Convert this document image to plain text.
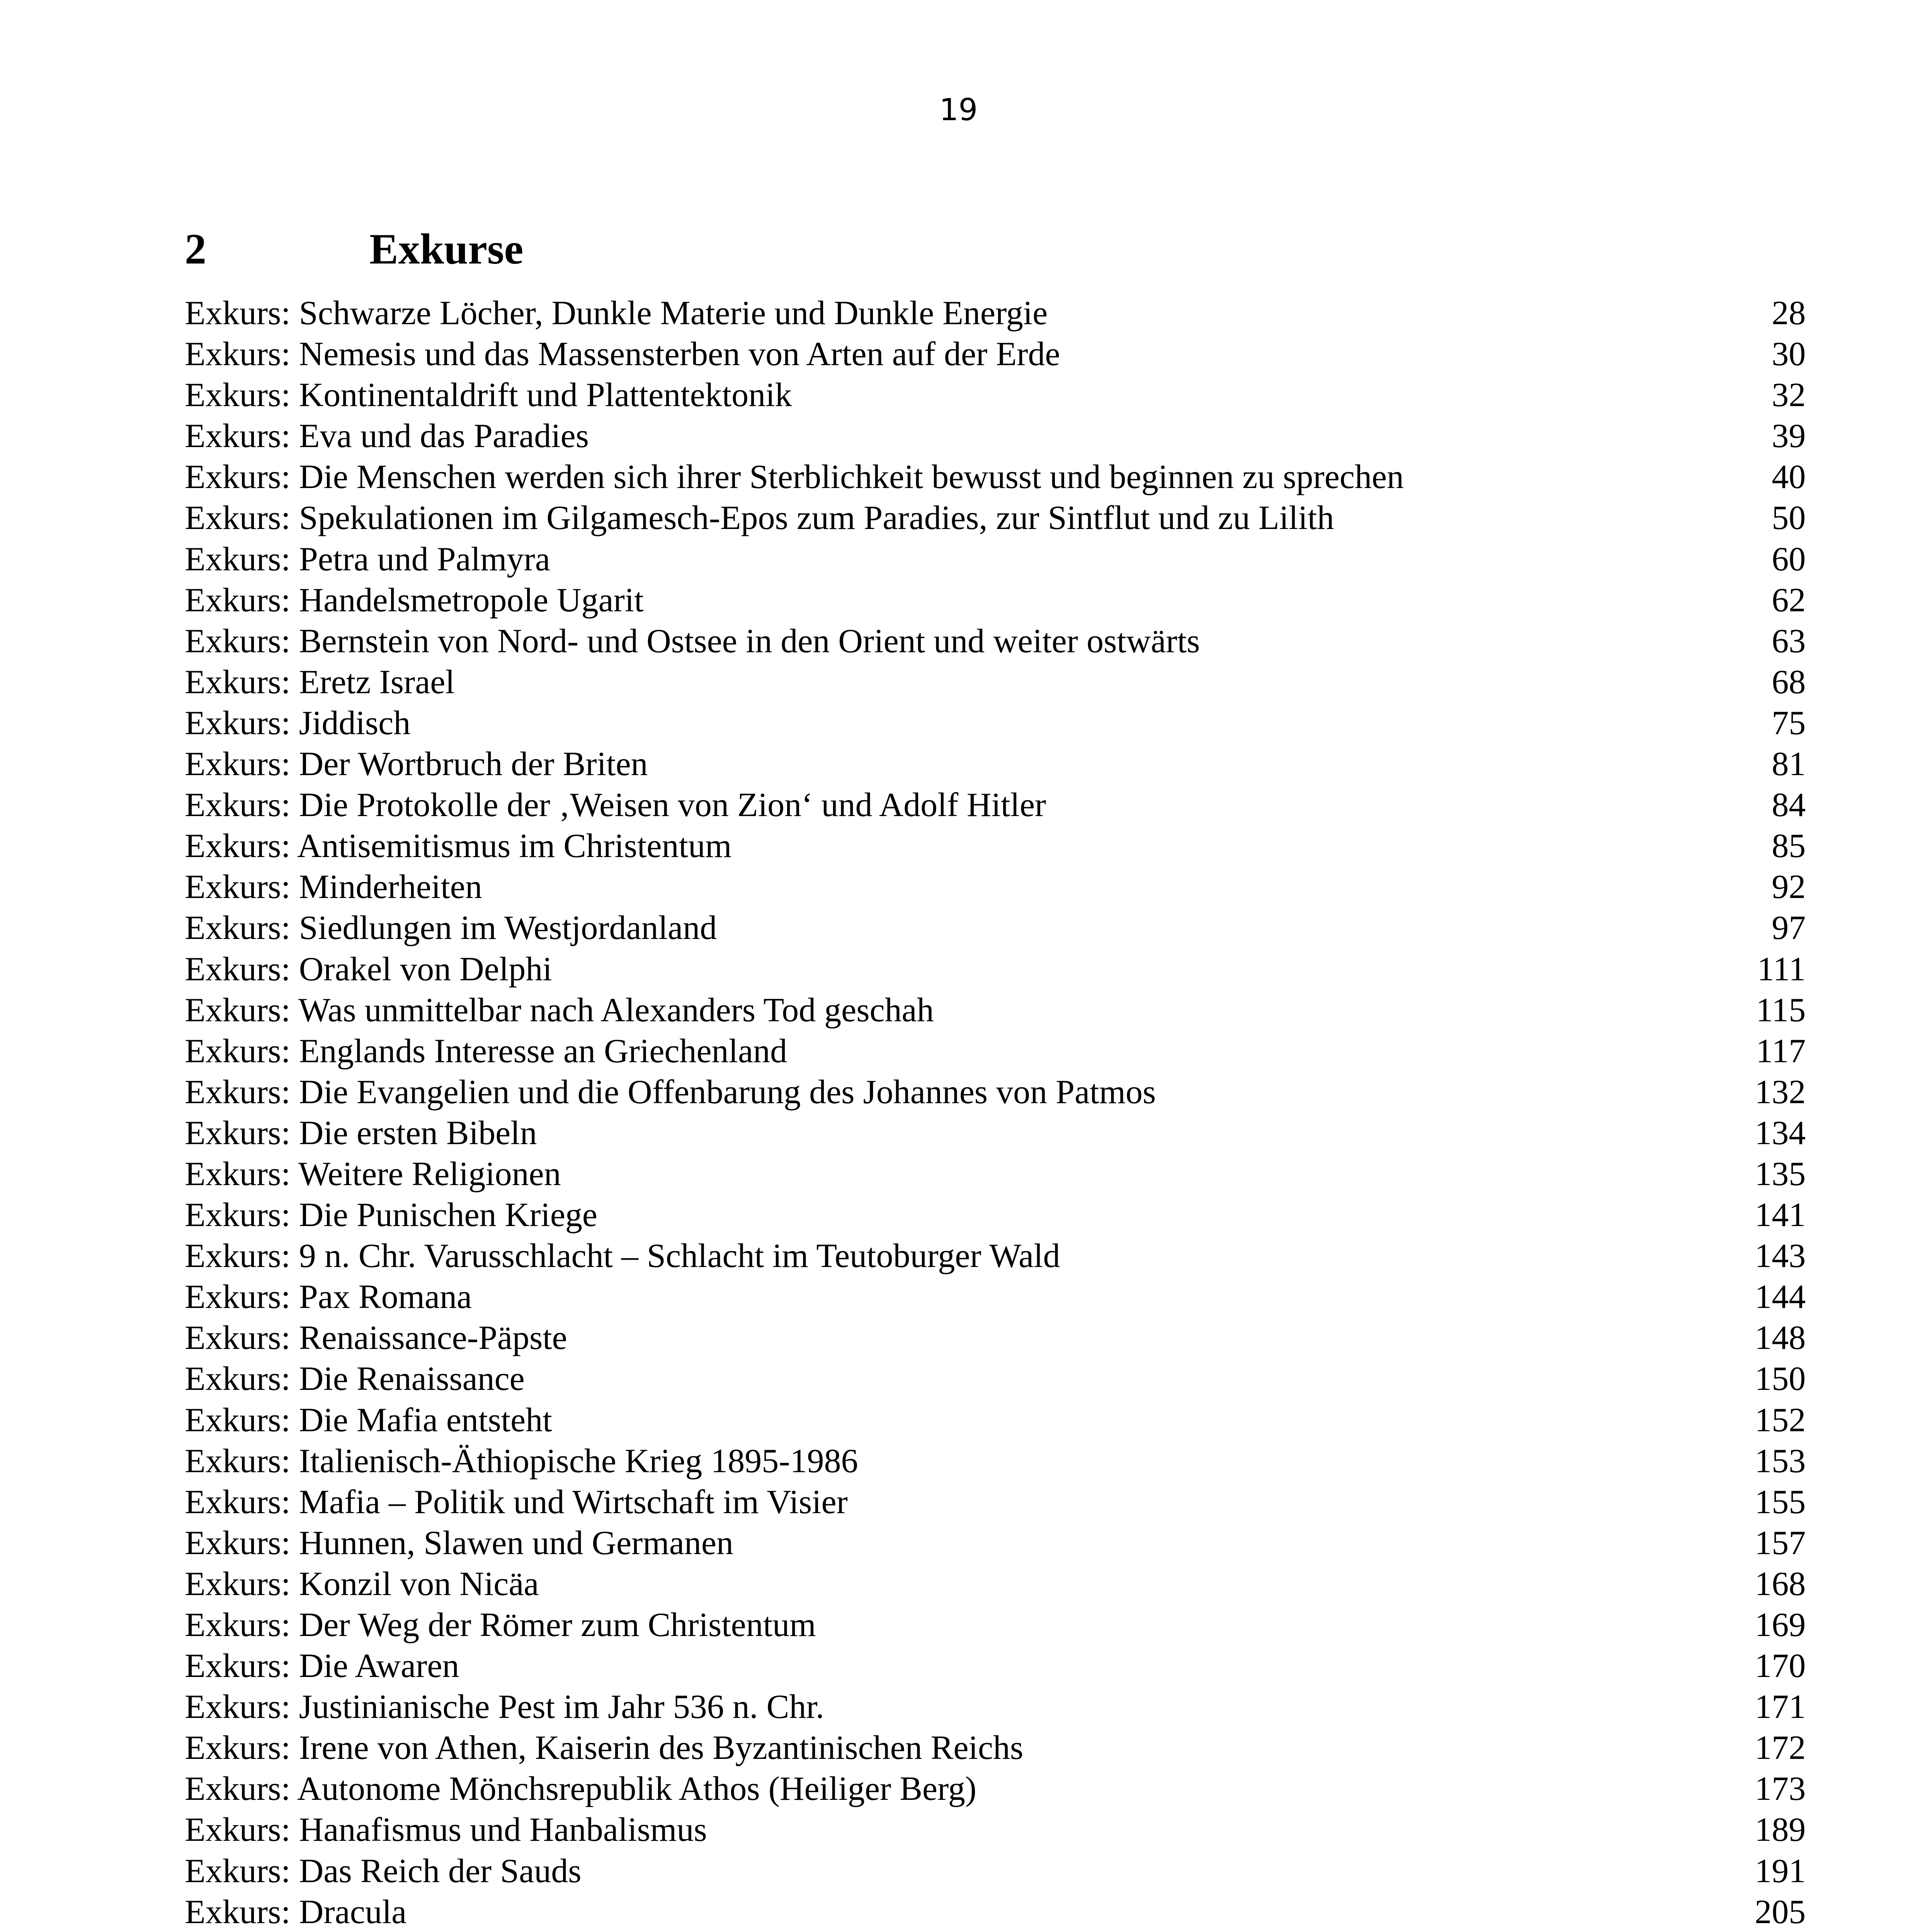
19
2	Exkurse
Exkurs: Schwarze Löcher, Dunkle Materie und Dunkle Energie	28
Exkurs: Nemesis und das Massensterben von Arten auf der Erde	30
Exkurs: Kontinentaldrift und Plattentektonik	32
Exkurs: Eva und das Paradies	39
Exkurs: Die Menschen werden sich ihrer Sterblichkeit bewusst und beginnen zu sprechen	40
Exkurs: Spekulationen im Gilgamesch-Epos zum Paradies, zur Sintflut und zu Lilith	50
Exkurs: Petra und Palmyra	60
Exkurs: Handelsmetropole Ugarit	62
Exkurs: Bernstein von Nord- und Ostsee in den Orient und weiter ostwärts	63
Exkurs: Eretz Israel	68
Exkurs: Jiddisch	75
Exkurs: Der Wortbruch der Briten	81
Exkurs: Die Protokolle der ‚Weisen von Zion‘ und Adolf Hitler	84
Exkurs: Antisemitismus im Christentum	85
Exkurs: Minderheiten	92
Exkurs: Siedlungen im Westjordanland	97
Exkurs: Orakel von Delphi	111
Exkurs: Was unmittelbar nach Alexanders Tod geschah	115
Exkurs: Englands Interesse an Griechenland	117
Exkurs: Die Evangelien und die Offenbarung des Johannes von Patmos	132
Exkurs: Die ersten Bibeln	134
Exkurs: Weitere Religionen	135
Exkurs: Die Punischen Kriege	141
Exkurs: 9 n. Chr. Varusschlacht – Schlacht im Teutoburger Wald	143
Exkurs: Pax Romana	144
Exkurs: Renaissance-Päpste	148
Exkurs: Die Renaissance	150
Exkurs: Die Mafia entsteht	152
Exkurs: Italienisch-Äthiopische Krieg 1895-1986	153
Exkurs: Mafia – Politik und Wirtschaft im Visier	155
Exkurs: Hunnen, Slawen und Germanen	157
Exkurs: Konzil von Nicäa	168
Exkurs: Der Weg der Römer zum Christentum	169
Exkurs: Die Awaren	170
Exkurs: Justinianische Pest im Jahr 536 n. Chr.	171
Exkurs: Irene von Athen, Kaiserin des Byzantinischen Reichs	172
Exkurs: Autonome Mönchsrepublik Athos (Heiliger Berg)	173
Exkurs: Hanafismus und Hanbalismus	189
Exkurs: Das Reich der Sauds	191
Exkurs: Dracula	205
